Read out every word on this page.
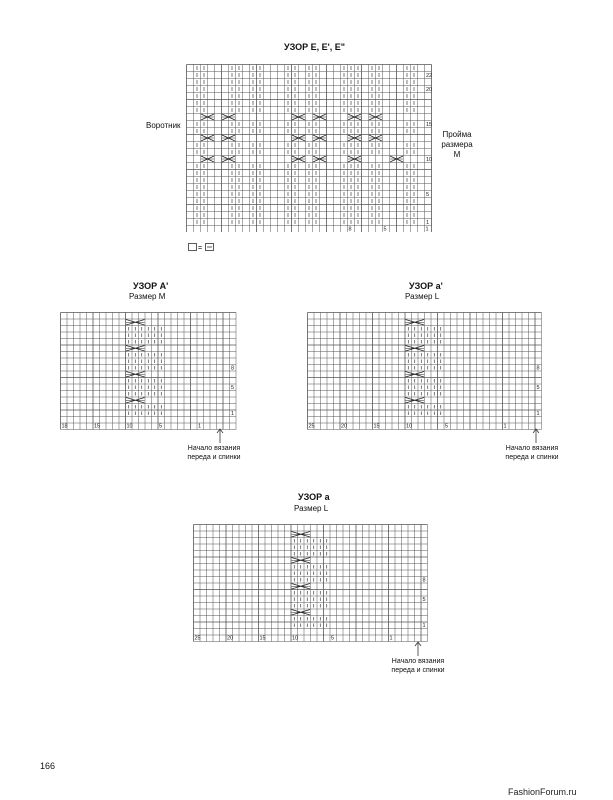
УЗОР Е, Е', Е"
Воротник
Пройма
размера
M
22
20
15
10
5
1
8	5	1
=
УЗОР A'
Размер M
8
5
1
18	15	10	5	1
Начало вязания
переда и спинки
УЗОР a'
Размер L
8
5
1
25	20	15	10	5	1
Начало вязания
переда и спинки
УЗОР а
Размер L
8
5
1
25	20	15	10	5	1
Начало вязания
переда и спинки
166
FashionForum.ru
